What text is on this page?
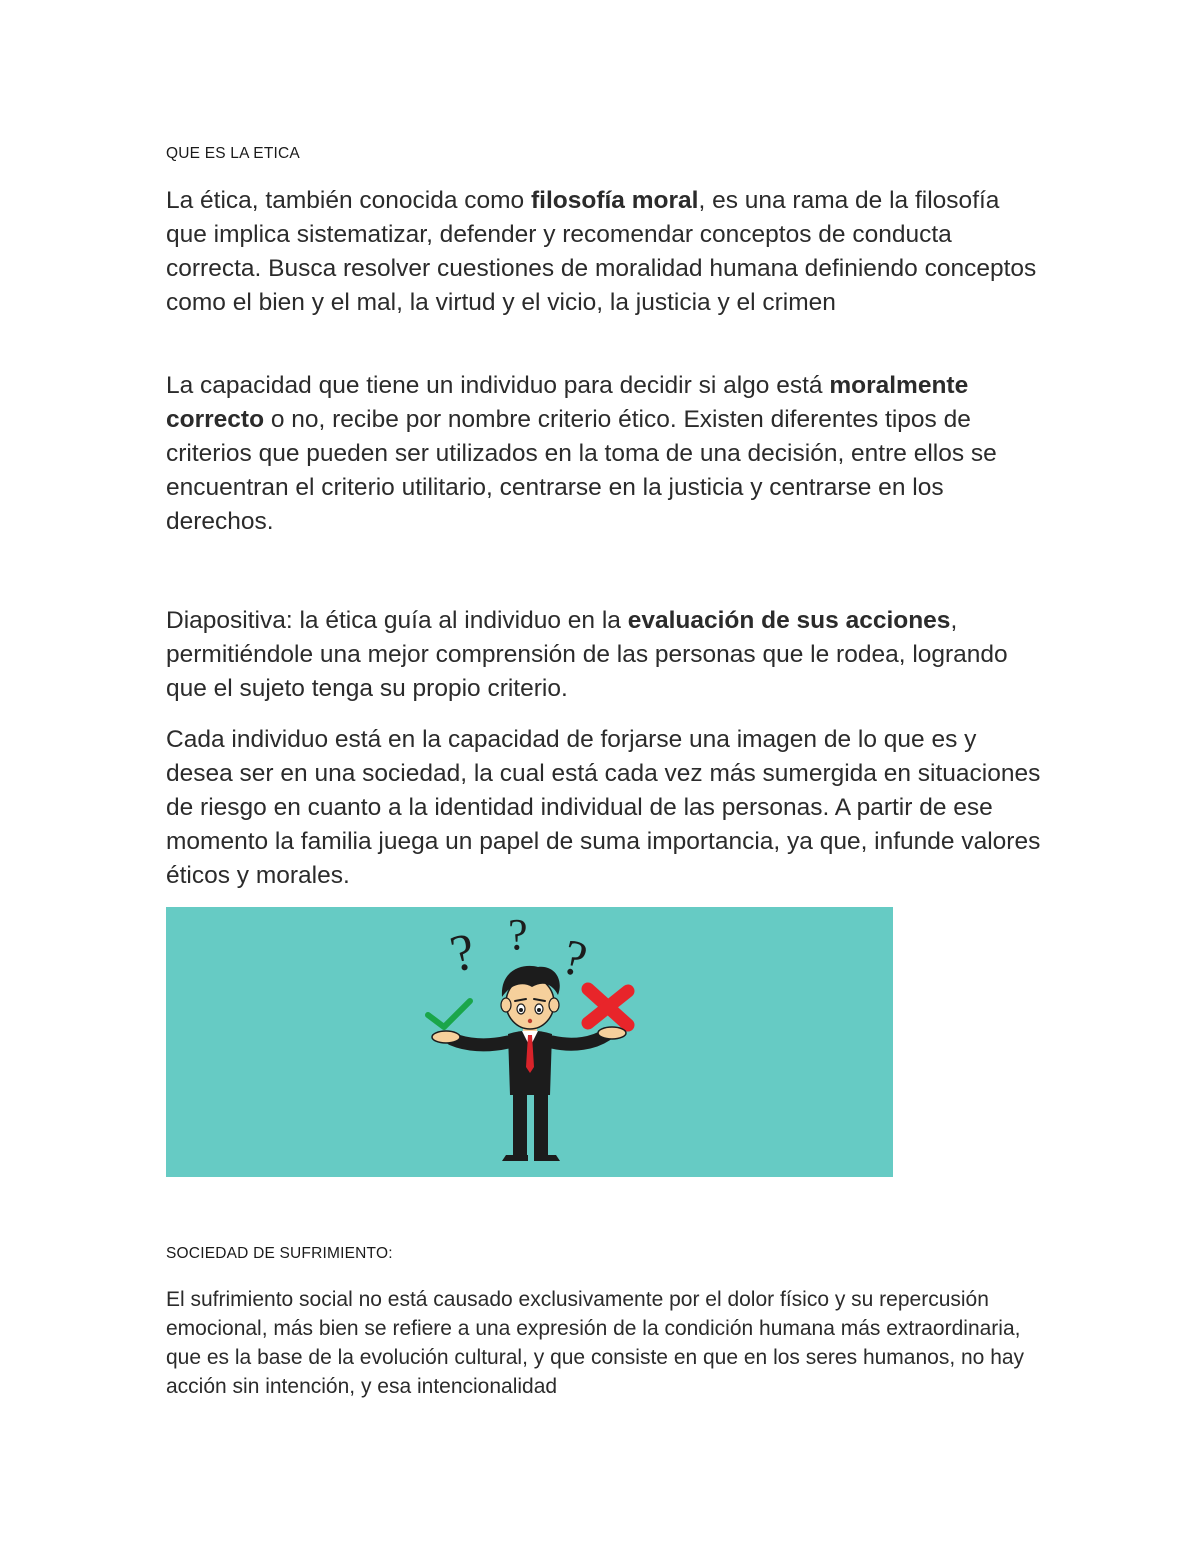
QUE ES LA ETICA

La ética, también conocida como filosofía moral, es una rama de la filosofía que implica sistematizar, defender y recomendar conceptos de conducta correcta. Busca resolver cuestiones de moralidad humana definiendo conceptos como el bien y el mal, la virtud y el vicio, la justicia y el crimen

La capacidad que tiene un individuo para decidir si algo está moralmente correcto o no, recibe por nombre criterio ético. Existen diferentes tipos de criterios que pueden ser utilizados en la toma de una decisión, entre ellos se encuentran el criterio utilitario, centrarse en la justicia y centrarse en los derechos.

Diapositiva: la ética guía al individuo en la evaluación de sus acciones, permitiéndole una mejor comprensión de las personas que le rodea, logrando que el sujeto tenga su propio criterio.

Cada individuo está en la capacidad de forjarse una imagen de lo que es y desea ser en una sociedad, la cual está cada vez más sumergida en situaciones de riesgo en cuanto a la identidad individual de las personas. A partir de ese momento la familia juega un papel de suma importancia, ya que, infunde valores éticos y morales.

? ? ?

SOCIEDAD DE SUFRIMIENTO:

El sufrimiento social no está causado exclusivamente por el dolor físico y su repercusión emocional, más bien se refiere a una expresión de la condición humana más extraordinaria, que es la base de la evolución cultural, y que consiste en que en los seres humanos, no hay acción sin intención, y esa intencionalidad
